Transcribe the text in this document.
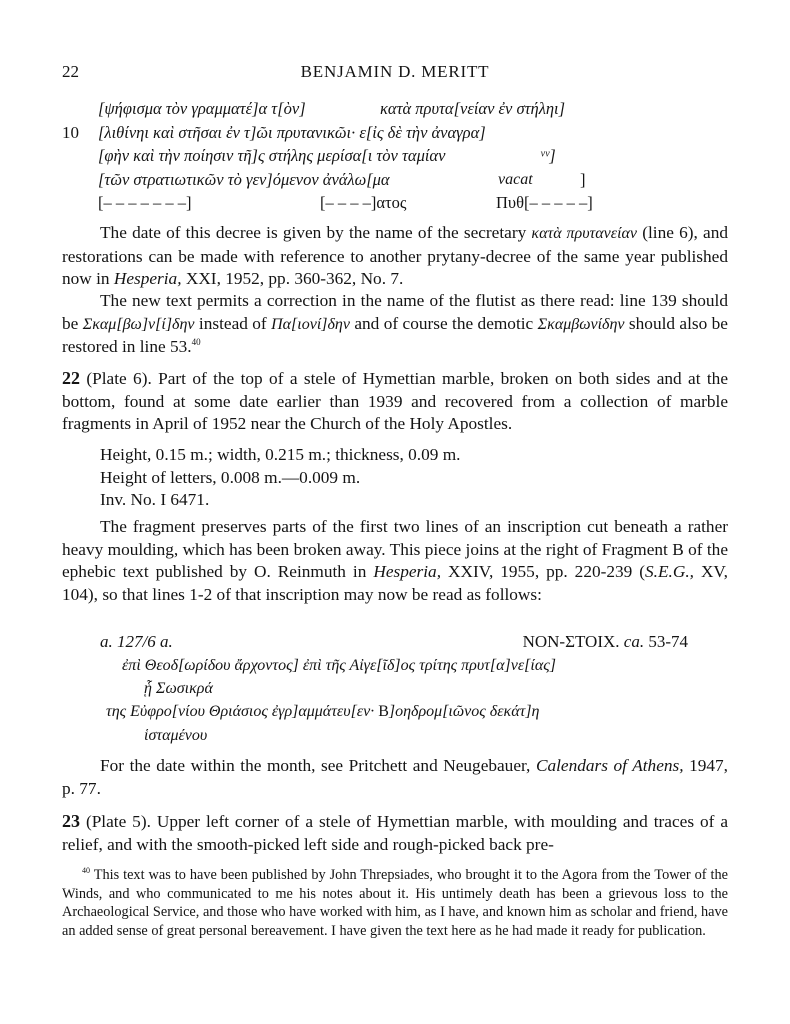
22	BENJAMIN D. MERITT
[ψήφισμα τὸν γραμματέ]α τ[ὸν]	κατὰ πρυτα[νείαν ἐν στήληι]
10 [λιθίνηι καὶ στῆσαι ἐν τ]ῶι πρυτανικῶι· ε[ἰς δὲ τὴν ἀναγρα]
[φὴν καὶ τὴν ποίησιν τῆ]ς στήλης μερίσα[ι τὸν ταμίαν	ᵛᵛ]
[τῶν στρατιωτικῶν τὸ γεν]όμενον ἀνάλω[μα	vacat	]
[– – – – – – –]	[– – – –]ατος	Πυθ[– – – – –]

The date of this decree is given by the name of the secretary κατὰ πρυτανείαν (line 6), and restorations can be made with reference to another prytany-decree of the same year published now in Hesperia, XXI, 1952, pp. 360-362, No. 7.

The new text permits a correction in the name of the flutist as there read: line 139 should be Σκαμ[βω]ν[ί]δην instead of Πα[ιονί]δην and of course the demotic Σκαμβωνίδην should also be restored in line 53.40

22 (Plate 6). Part of the top of a stele of Hymettian marble, broken on both sides and at the bottom, found at some date earlier than 1939 and recovered from a collection of marble fragments in April of 1952 near the Church of the Holy Apostles.

Height, 0.15 m.; width, 0.215 m.; thickness, 0.09 m.
Height of letters, 0.008 m.—0.009 m.
Inv. No. I 6471.

The fragment preserves parts of the first two lines of an inscription cut beneath a rather heavy moulding, which has been broken away. This piece joins at the right of Fragment B of the ephebic text published by O. Reinmuth in Hesperia, XXIV, 1955, pp. 220-239 (S.E.G., XV, 104), so that lines 1-2 of that inscription may now be read as follows:

a. 127/6 a.	NON-ΣΤΟΙΧ. ca. 53-74
ἐπὶ Θεοδ[ωρίδου ἄρχοντος] ἐπὶ τῆς Αἰγε[ῖδ]ος τρίτης πρυτ[α]νε[ίας]
ᾗ Σωσικρά
της Εὐφρο[νίου Θριάσιος ἐγρ]αμμάτευ[εν· B]οηδρομ[ιῶνος δεκάτ]η
ἱσταμένου

For the date within the month, see Pritchett and Neugebauer, Calendars of Athens, 1947, p. 77.

23 (Plate 5). Upper left corner of a stele of Hymettian marble, with moulding and traces of a relief, and with the smooth-picked left side and rough-picked back pre-

$^{40}$ This text was to have been published by John Threpsiades, who brought it to the Agora from the Tower of the Winds, and who communicated to me his notes about it. His untimely death has been a grievous loss to the Archaeological Service, and those who have worked with him, as I have, and known him as scholar and friend, have an added sense of great personal bereavement. I have given the text here as he had made it ready for publication.
